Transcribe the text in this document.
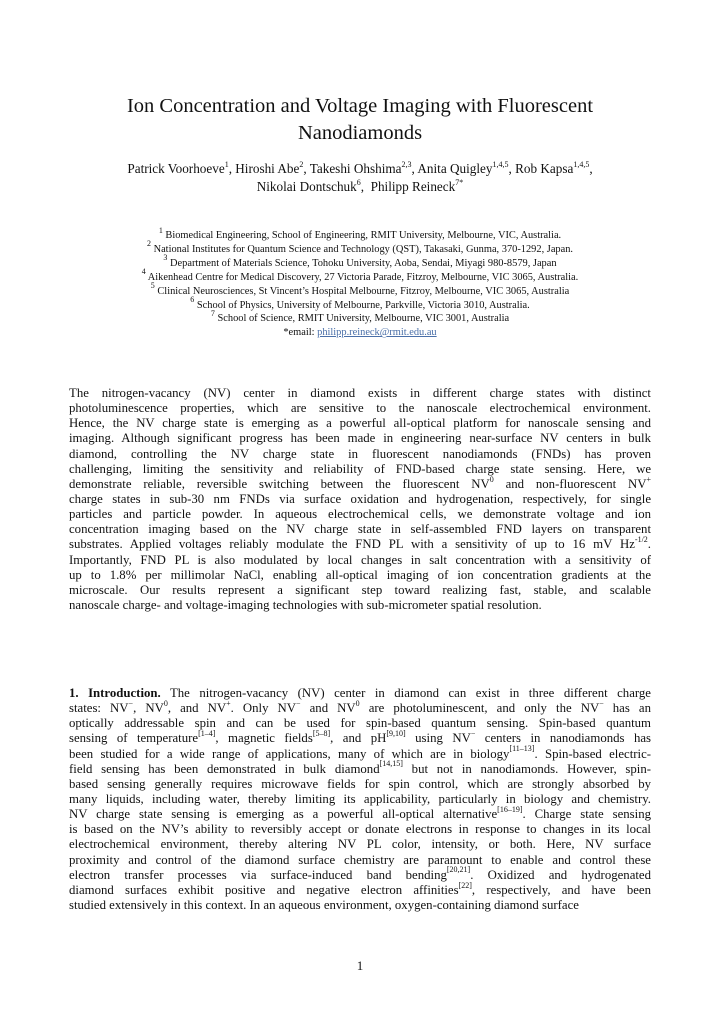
Ion Concentration and Voltage Imaging with Fluorescent
Nanodiamonds
Patrick Voorhoeve$^1$, Hiroshi Abe$^2$, Takeshi Ohshima$^{2,3}$, Anita Quigley$^{1,4,5}$, Rob Kapsa$^{1,4,5}$,
Nikolai Dontschuk$^6$,  Philipp Reineck$^{7*}$
$^1$ Biomedical Engineering, School of Engineering, RMIT University, Melbourne, VIC, Australia.
$^2$ National Institutes for Quantum Science and Technology (QST), Takasaki, Gunma, 370-1292, Japan.
$^3$ Department of Materials Science, Tohoku University, Aoba, Sendai, Miyagi 980-8579, Japan
$^4$ Aikenhead Centre for Medical Discovery, 27 Victoria Parade, Fitzroy, Melbourne, VIC 3065, Australia.
$^5$ Clinical Neurosciences, St Vincent’s Hospital Melbourne, Fitzroy, Melbourne, VIC 3065, Australia
$^6$ School of Physics, University of Melbourne, Parkville, Victoria 3010, Australia.
$^7$ School of Science, RMIT University, Melbourne, VIC 3001, Australia
*email: philipp.reineck@rmit.edu.au
The nitrogen-vacancy (NV) center in diamond exists in different charge states with distinct
photoluminescence properties, which are sensitive to the nanoscale electrochemical environment.
Hence, the NV charge state is emerging as a powerful all-optical platform for nanoscale sensing and
imaging. Although significant progress has been made in engineering near-surface NV centers in bulk
diamond, controlling the NV charge state in fluorescent nanodiamonds (FNDs) has proven
challenging, limiting the sensitivity and reliability of FND-based charge state sensing. Here, we
demonstrate reliable, reversible switching between the fluorescent $NV^0$ and non-fluorescent NV+
charge states in sub-30 nm FNDs via surface oxidation and hydrogenation, respectively, for single
particles and particle powder. In aqueous electrochemical cells, we demonstrate voltage and ion
concentration imaging based on the NV charge state in self-assembled FND layers on transparent
substrates. Applied voltages reliably modulate the FND PL with a sensitivity of up to 16 mV $Hz^{-1/2}$.
Importantly, FND PL is also modulated by local changes in salt concentration with a sensitivity of
up to 1.8% per millimolar NaCl, enabling all-optical imaging of ion concentration gradients at the
microscale. Our results represent a significant step toward realizing fast, stable, and scalable
nanoscale charge- and voltage-imaging technologies with sub-micrometer spatial resolution.
1. Introduction. The nitrogen-vacancy (NV) center in diamond can exist in three different charge
states: NV−, $NV^0$, and NV+. Only NV− and $NV^0$ are photoluminescent, and only the NV− has an
optically addressable spin and can be used for spin-based quantum sensing. Spin-based quantum
sensing of temperature[1–4], magnetic fields[5–8], and pH[9,10] using NV− centers in nanodiamonds has
been studied for a wide range of applications, many of which are in biology[11–13]. Spin-based electric-
field sensing has been demonstrated in bulk diamond[14,15] but not in nanodiamonds. However, spin-
based sensing generally requires microwave fields for spin control, which are strongly absorbed by
many liquids, including water, thereby limiting its applicability, particularly in biology and chemistry.
NV charge state sensing is emerging as a powerful all-optical alternative[16–19]. Charge state sensing
is based on the NV’s ability to reversibly accept or donate electrons in response to changes in its local
electrochemical environment, thereby altering NV PL color, intensity, or both. Here, NV surface
proximity and control of the diamond surface chemistry are paramount to enable and control these
electron transfer processes via surface-induced band bending[20,21]. Oxidized and hydrogenated
diamond surfaces exhibit positive and negative electron affinities[22], respectively, and have been
studied extensively in this context. In an aqueous environment, oxygen-containing diamond surface
1
